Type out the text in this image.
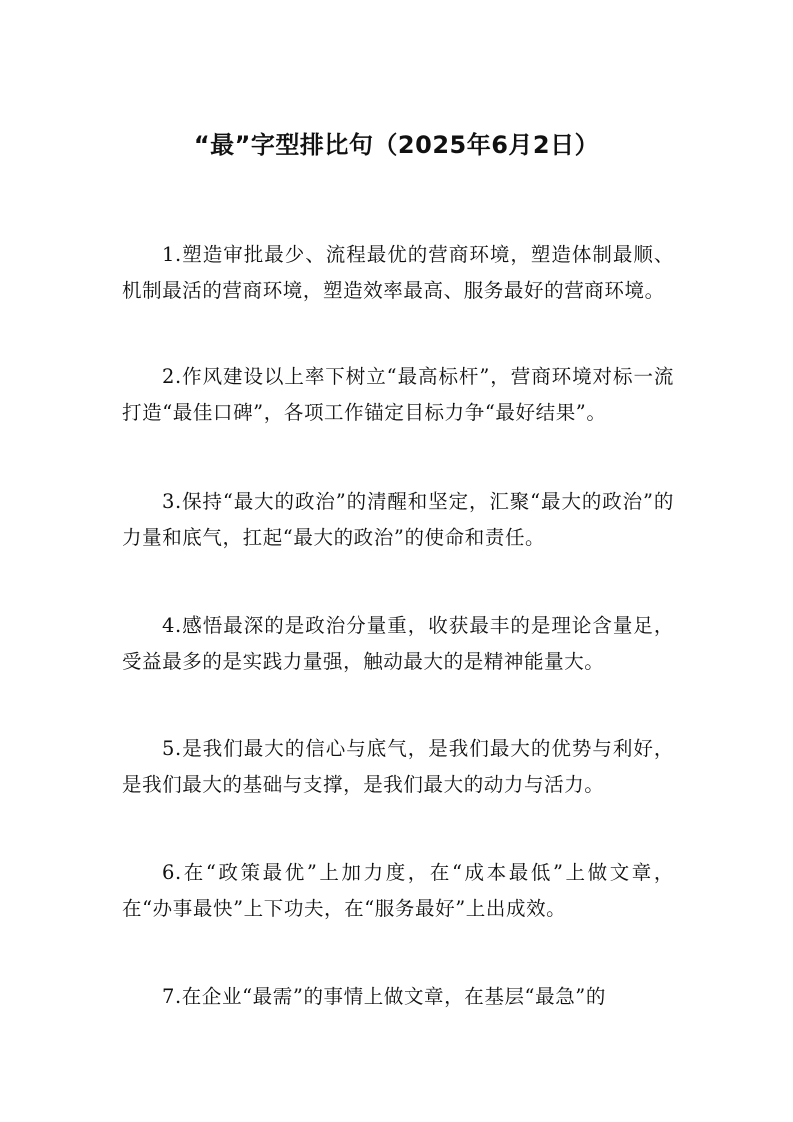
“最”字型排比句（2025年6月2日）
1.塑造审批最少、流程最优的营商环境，塑造体制最顺、机制最活的营商环境，塑造效率最高、服务最好的营商环境。
2.作风建设以上率下树立“最高标杆”，营商环境对标一流打造“最佳口碑”，各项工作锚定目标力争“最好结果”。
3.保持“最大的政治”的清醒和坚定，汇聚“最大的政治”的力量和底气，扛起“最大的政治”的使命和责任。
4.感悟最深的是政治分量重，收获最丰的是理论含量足，受益最多的是实践力量强，触动最大的是精神能量大。
5.是我们最大的信心与底气，是我们最大的优势与利好，是我们最大的基础与支撑，是我们最大的动力与活力。
6.在“政策最优”上加力度，在“成本最低”上做文章，在“办事最快”上下功夫，在“服务最好”上出成效。
7.在企业“最需”的事情上做文章，在基层“最急”的
